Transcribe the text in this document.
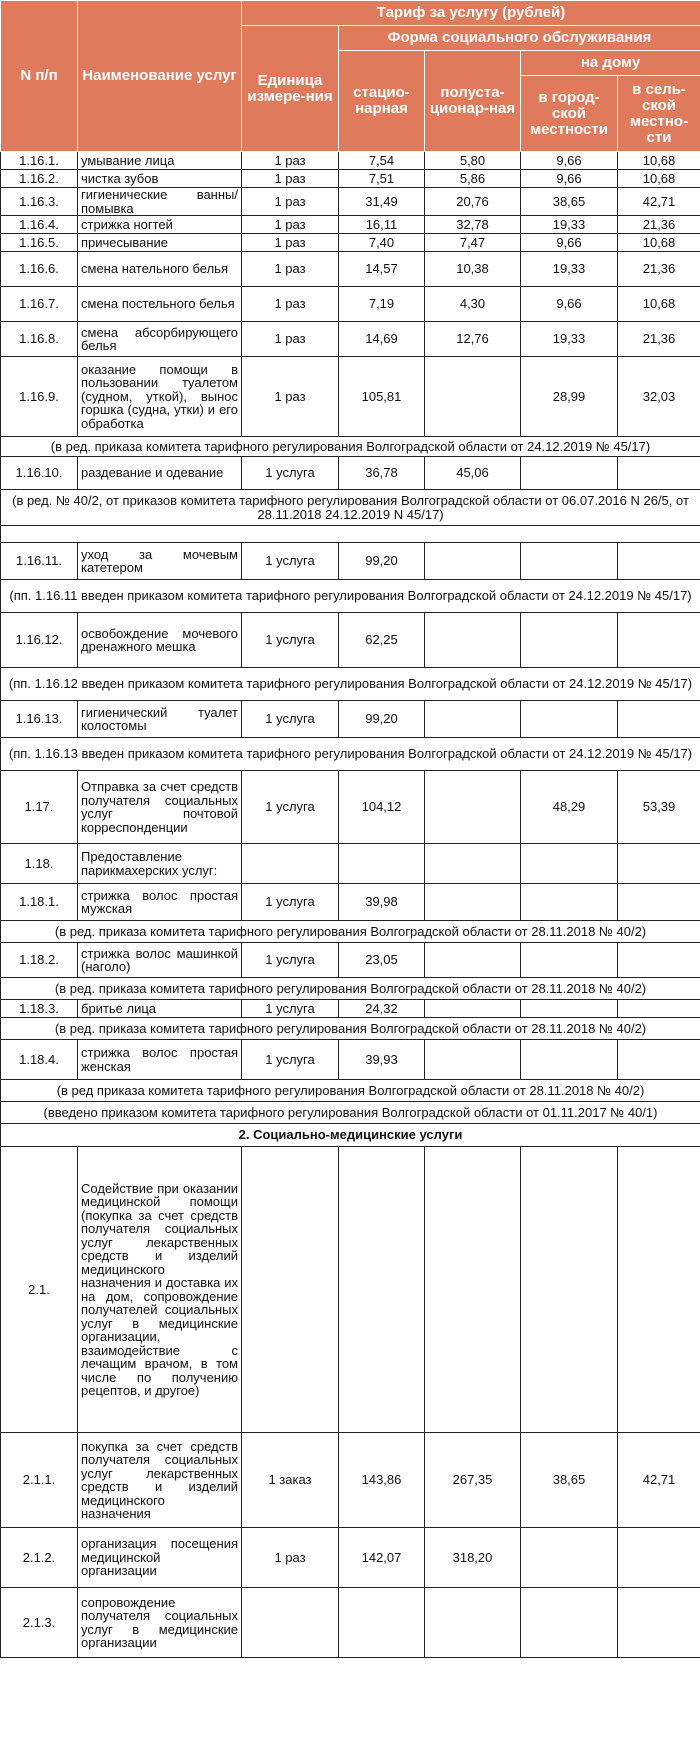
N п/п	Наименование услуг	Тариф за услугу (рублей)				
		Единица измере-ния	Форма социального обслуживания			
			стацио-нарная	полуста-ционар-ная	на дому	
					в город-ской местности	в сель-ской местно-сти
1.16.1.	умывание лица	1 раз	7,54	5,80	9,66	10,68
1.16.2.	чистка зубов	1 раз	7,51	5,86	9,66	10,68
1.16.3.	гигиенические ванны/помывка	1 раз	31,49	20,76	38,65	42,71
1.16.4.	стрижка ногтей	1 раз	16,11	32,78	19,33	21,36
1.16.5.	причесывание	1 раз	7,40	7,47	9,66	10,68
1.16.6.	смена нательного белья	1 раз	14,57	10,38	19,33	21,36
1.16.7.	смена постельного белья	1 раз	7,19	4,30	9,66	10,68
1.16.8.	смена абсорбирующего белья	1 раз	14,69	12,76	19,33	21,36
1.16.9.	оказание помощи в пользовании туалетом (судном, уткой), вынос горшка (судна, утки) и его обработка	1 раз	105,81		28,99	32,03
(в ред. приказа комитета тарифного регулирования Волгоградской области от 24.12.2019 № 45/17)						
1.16.10.	раздевание и одевание	1 услуга	36,78	45,06		
(в ред. № 40/2, от приказов комитета тарифного регулирования Волгоградской области от 06.07.2016 N 26/5, от 28.11.2018 24.12.2019 N 45/17)						

1.16.11.	уход за мочевым катетером	1 услуга	99,20			
(пп. 1.16.11 введен приказом комитета тарифного регулирования Волгоградской области от 24.12.2019 № 45/17)						
1.16.12.	освобождение мочевого дренажного мешка	1 услуга	62,25			
(пп. 1.16.12 введен приказом комитета тарифного регулирования Волгоградской области от 24.12.2019 № 45/17)						
1.16.13.	гигиенический туалет колостомы	1 услуга	99,20			
(пп. 1.16.13 введен приказом комитета тарифного регулирования Волгоградской области от 24.12.2019 № 45/17)						
1.17.	Отправка за счет средств получателя социальных услуг почтовой корреспонденции	1 услуга	104,12		48,29	53,39
1.18.	Предоставление парикмахерских услуг:					
1.18.1.	стрижка волос простая мужская	1 услуга	39,98			
(в ред. приказа комитета тарифного регулирования Волгоградской области от 28.11.2018 № 40/2)						
1.18.2.	стрижка волос машинкой (наголо)	1 услуга	23,05			
(в ред. приказа комитета тарифного регулирования Волгоградской области от 28.11.2018 № 40/2)						
1.18.3.	бритье лица	1 услуга	24,32			
(в ред. приказа комитета тарифного регулирования Волгоградской области от 28.11.2018 № 40/2)						
1.18.4.	стрижка волос простая женская	1 услуга	39,93			
(в ред приказа комитета тарифного регулирования Волгоградской области от 28.11.2018 № 40/2)						
(введено приказом комитета тарифного регулирования Волгоградской области от 01.11.2017 № 40/1)						
2. Социально-медицинские услуги						
2.1.	Содействие при оказании медицинской помощи (покупка за счет средств получателя социальных услуг лекарственных средств и изделий медицинского назначения и доставка их на дом, сопровождение получателей социальных услуг в медицинские организации, взаимодействие с лечащим врачом, в том числе по получению рецептов, и другое)					
2.1.1.	покупка за счет средств получателя социальных услуг лекарственных средств и изделий медицинского назначения	1 заказ	143,86	267,35	38,65	42,71
2.1.2.	организация посещения медицинской организации	1 раз	142,07	318,20		
2.1.3.	сопровождение получателя социальных услуг в медицинские организации					
